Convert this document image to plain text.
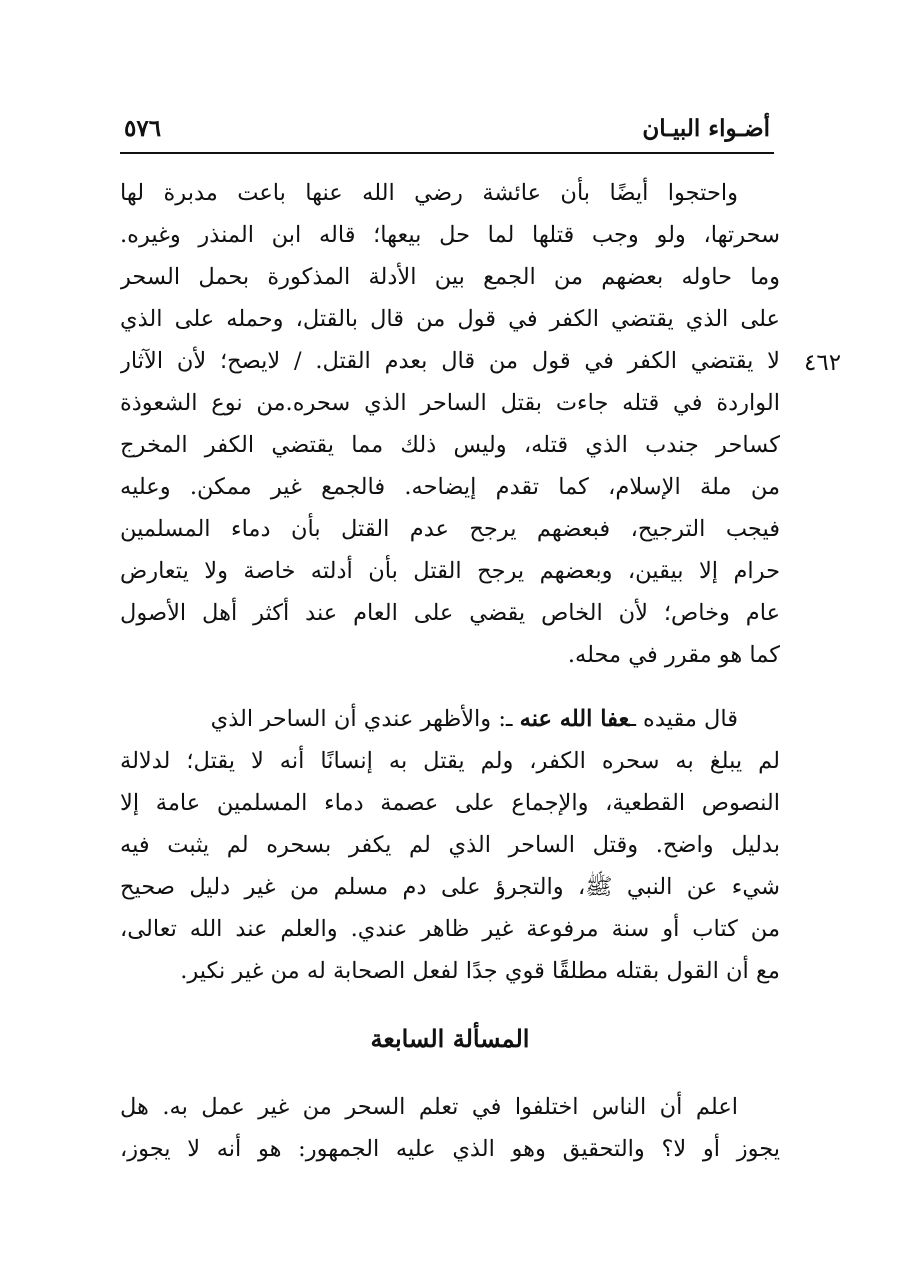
أضـواء البيـان
٥٧٦
٤٦٢
واحتجوا أيضًا بأن عائشة رضي الله عنها باعت مدبرة لها
سحرتها، ولو وجب قتلها لما حل بيعها؛ قاله ابن المنذر وغيره.
وما حاوله بعضهم من الجمع بين الأدلة المذكورة بحمل السحر
على الذي يقتضي الكفر في قول من قال بالقتل، وحمله على الذي
لا يقتضي الكفر في قول من قال بعدم القتل. / لايصح؛ لأن الآثار
الواردة في قتله جاءت بقتل الساحر الذي سحره.من نوع الشعوذة
كساحر جندب الذي قتله، وليس ذلك مما يقتضي الكفر المخرج
من ملة الإسلام، كما تقدم إيضاحه. فالجمع غير ممكن. وعليه
فيجب الترجيح، فبعضهم يرجح عدم القتل بأن دماء المسلمين
حرام إلا بيقين، وبعضهم يرجح القتل بأن أدلته خاصة ولا يتعارض
عام وخاص؛ لأن الخاص يقضي على العام عند أكثر أهل الأصول
كما هو مقرر في محله.
قال مقيده ـعفا الله عنه ـ: والأظهر عندي أن الساحر الذي
لم يبلغ به سحره الكفر، ولم يقتل به إنسانًا أنه لا يقتل؛ لدلالة
النصوص القطعية، والإجماع على عصمة دماء المسلمين عامة إلا
بدليل واضح. وقتل الساحر الذي لم يكفر بسحره لم يثبت فيه
شيء عن النبي ﷺ، والتجرؤ على دم مسلم من غير دليل صحيح
من كتاب أو سنة مرفوعة غير ظاهر عندي. والعلم عند الله تعالى،
مع أن القول بقتله مطلقًا قوي جدًا لفعل الصحابة له من غير نكير.
المسألة السابعة
اعلم أن الناس اختلفوا في تعلم السحر من غير عمل به. هل
يجوز أو لا؟ والتحقيق وهو الذي عليه الجمهور: هو أنه لا يجوز،
